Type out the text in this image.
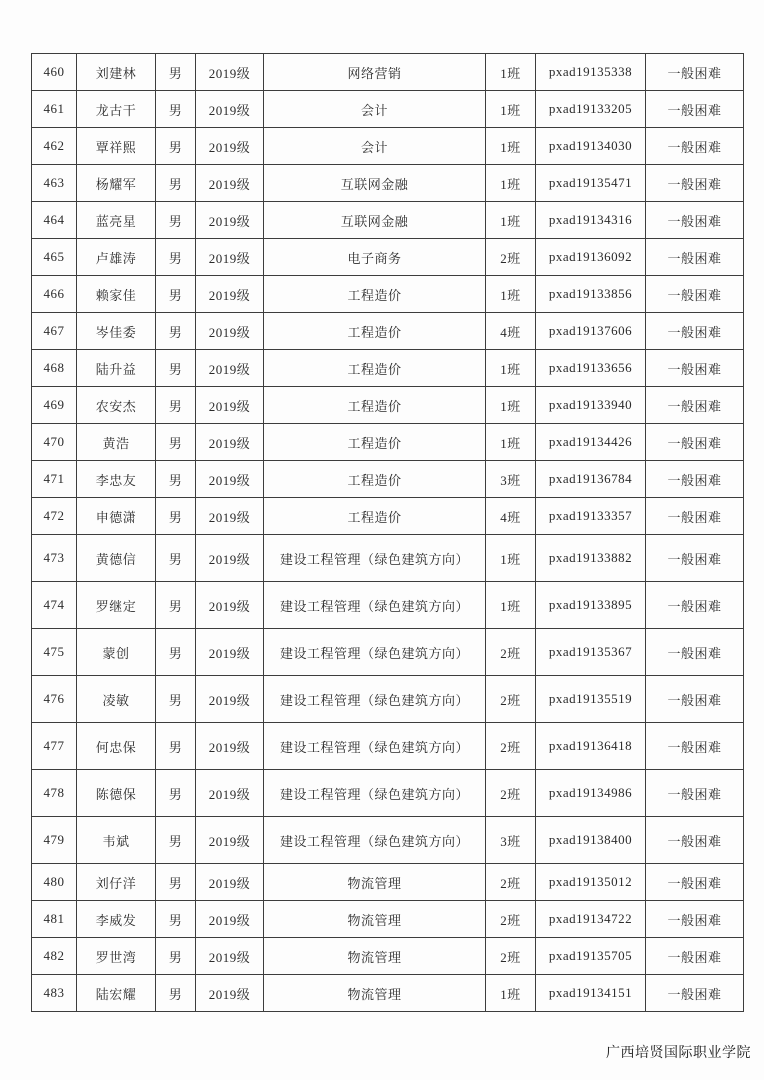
460	刘建林	男	2019级	网络营销	1班	pxad19135338	一般困难
461	龙古干	男	2019级	会计	1班	pxad19133205	一般困难
462	覃祥熙	男	2019级	会计	1班	pxad19134030	一般困难
463	杨耀军	男	2019级	互联网金融	1班	pxad19135471	一般困难
464	蓝亮星	男	2019级	互联网金融	1班	pxad19134316	一般困难
465	卢雄涛	男	2019级	电子商务	2班	pxad19136092	一般困难
466	赖家佳	男	2019级	工程造价	1班	pxad19133856	一般困难
467	岑佳委	男	2019级	工程造价	4班	pxad19137606	一般困难
468	陆升益	男	2019级	工程造价	1班	pxad19133656	一般困难
469	农安杰	男	2019级	工程造价	1班	pxad19133940	一般困难
470	黄浩	男	2019级	工程造价	1班	pxad19134426	一般困难
471	李忠友	男	2019级	工程造价	3班	pxad19136784	一般困难
472	申德潇	男	2019级	工程造价	4班	pxad19133357	一般困难
473	黄德信	男	2019级	建设工程管理（绿色建筑方向）	1班	pxad19133882	一般困难
474	罗继定	男	2019级	建设工程管理（绿色建筑方向）	1班	pxad19133895	一般困难
475	蒙创	男	2019级	建设工程管理（绿色建筑方向）	2班	pxad19135367	一般困难
476	凌敏	男	2019级	建设工程管理（绿色建筑方向）	2班	pxad19135519	一般困难
477	何忠保	男	2019级	建设工程管理（绿色建筑方向）	2班	pxad19136418	一般困难
478	陈德保	男	2019级	建设工程管理（绿色建筑方向）	2班	pxad19134986	一般困难
479	韦斌	男	2019级	建设工程管理（绿色建筑方向）	3班	pxad19138400	一般困难
480	刘仔洋	男	2019级	物流管理	2班	pxad19135012	一般困难
481	李威发	男	2019级	物流管理	2班	pxad19134722	一般困难
482	罗世湾	男	2019级	物流管理	2班	pxad19135705	一般困难
483	陆宏耀	男	2019级	物流管理	1班	pxad19134151	一般困难
广西培贤国际职业学院
